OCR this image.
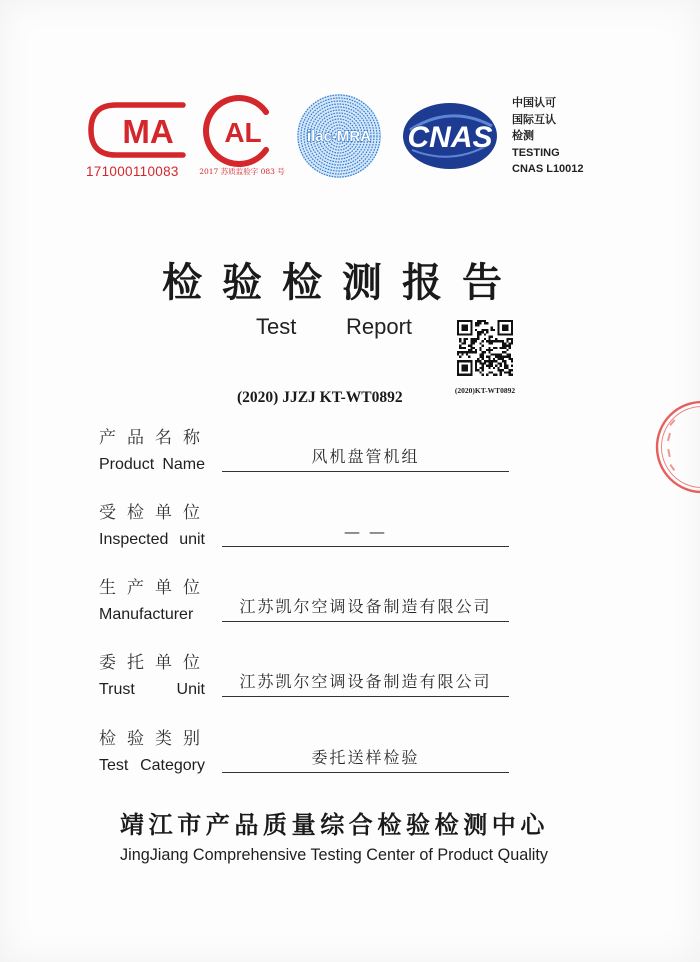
MA
171000110083
AL
2017 苏质监验字 083 号
ilac-MRA CNAS
中国认可
国际互认
检测
TESTING
CNAS L10012
检验检测报告
Test Report
(2020)KT-WT0892
(2020) JJZJ KT-WT0892
产品名称
Product Name	风机盘管机组
受检单位
Inspected unit	— —
生产单位
Manufacturer	江苏凯尔空调设备制造有限公司
委托单位
Trust Unit	江苏凯尔空调设备制造有限公司
检验类别
Test Category	委托送样检验
靖江市产品质量综合检验检测中心
JingJiang Comprehensive Testing Center of Product Quality
